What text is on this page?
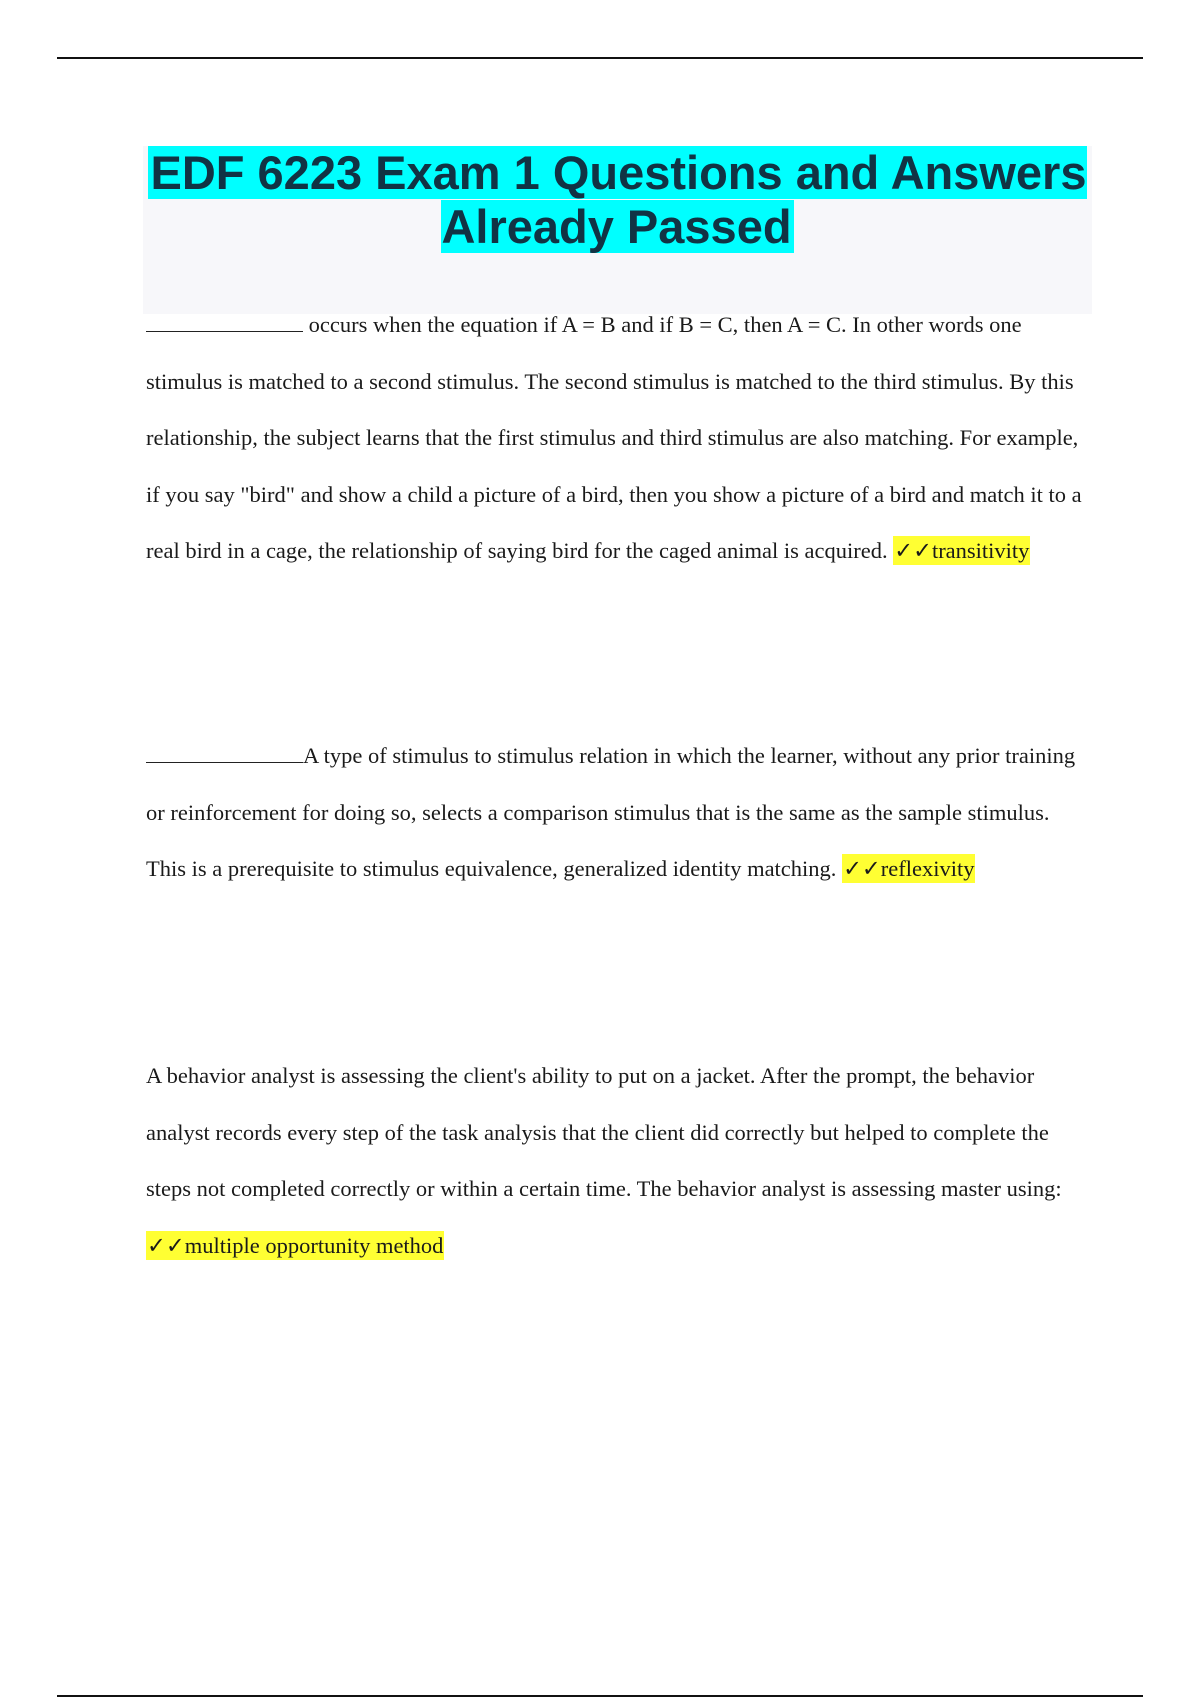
EDF 6223 Exam 1 Questions and Answers Already Passed

occurs when the equation if A = B and if B = C, then A = C. In other words one stimulus is matched to a second stimulus. The second stimulus is matched to the third stimulus. By this relationship, the subject learns that the first stimulus and third stimulus are also matching. For example, if you say "bird" and show a child a picture of a bird, then you show a picture of a bird and match it to a real bird in a cage, the relationship of saying bird for the caged animal is acquired. ✓✓transitivity

A type of stimulus to stimulus relation in which the learner, without any prior training or reinforcement for doing so, selects a comparison stimulus that is the same as the sample stimulus. This is a prerequisite to stimulus equivalence, generalized identity matching. ✓✓reflexivity

A behavior analyst is assessing the client's ability to put on a jacket. After the prompt, the behavior analyst records every step of the task analysis that the client did correctly but helped to complete the steps not completed correctly or within a certain time. The behavior analyst is assessing master using: ✓✓multiple opportunity method
